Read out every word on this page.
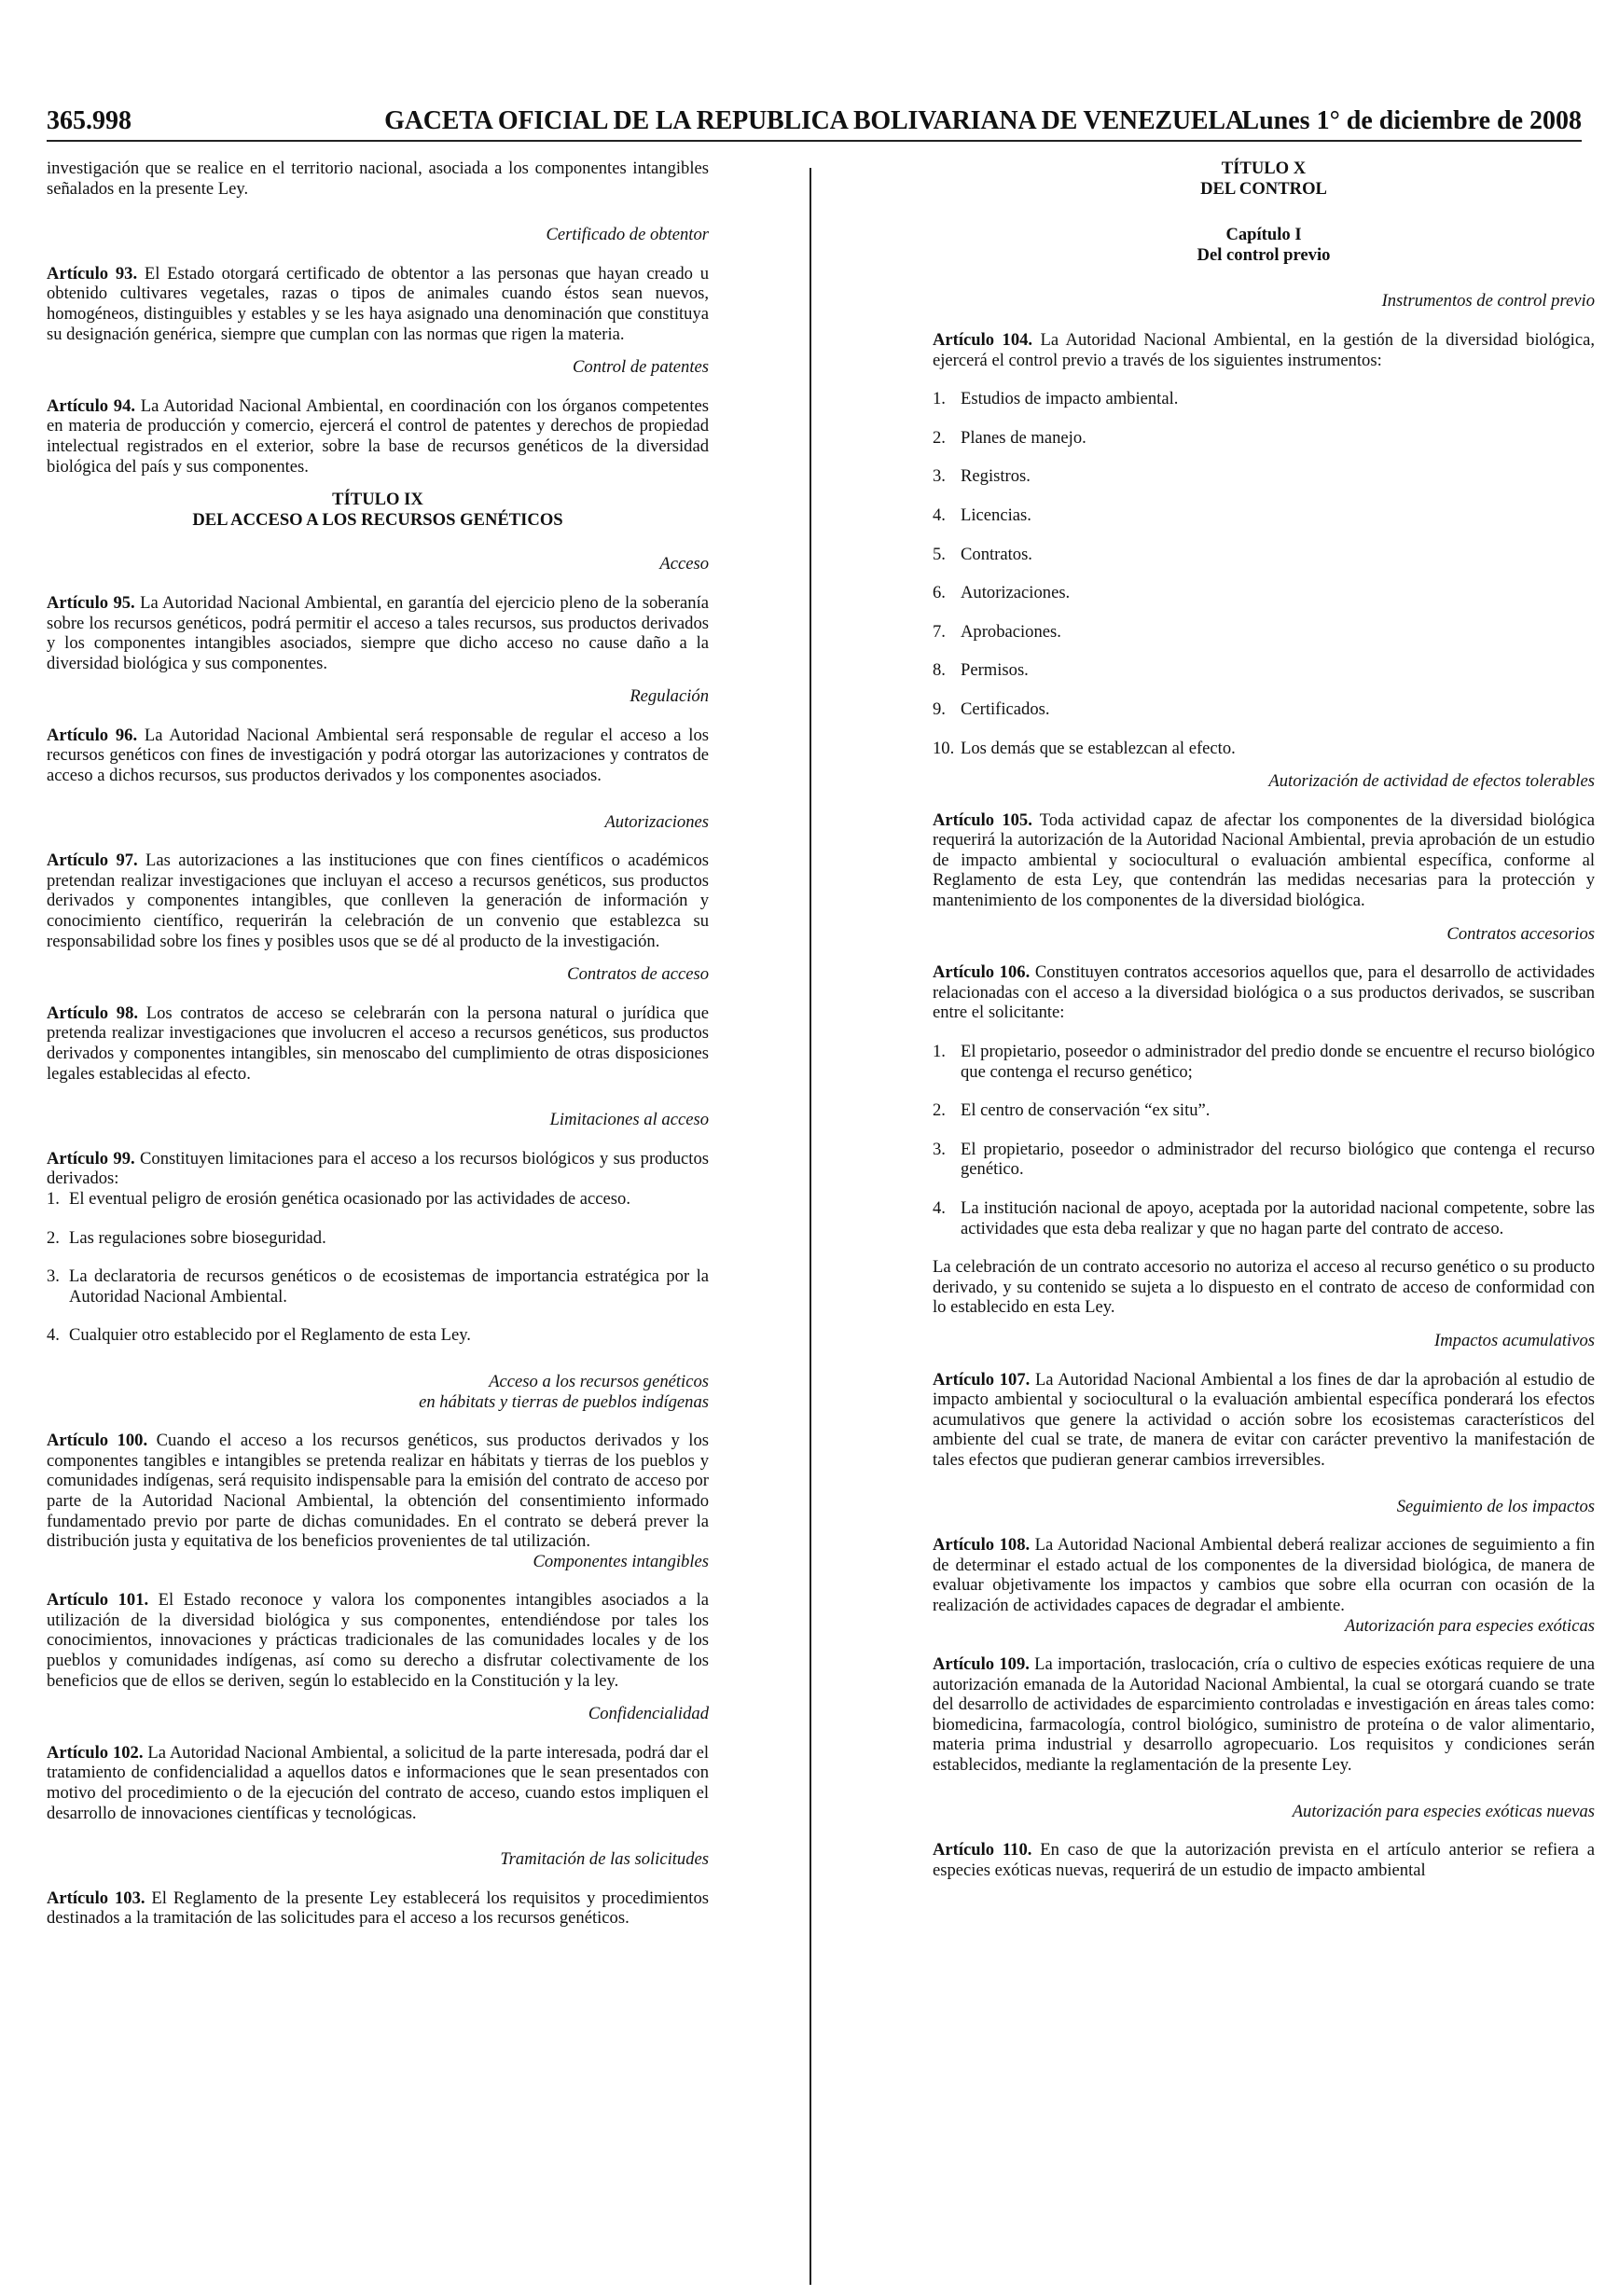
365.998	GACETA OFICIAL DE LA REPUBLICA BOLIVARIANA DE VENEZUELA
Lunes 1° de diciembre de 2008

investigación que se realice en el territorio nacional, asociada a los componentes intangibles señalados en la presente Ley.

Certificado de obtentor

Artículo 93. El Estado otorgará certificado de obtentor a las personas que hayan creado u obtenido cultivares vegetales, razas o tipos de animales cuando éstos sean nuevos, homogéneos, distinguibles y estables y se les haya asignado una denominación que constituya su designación genérica, siempre que cumplan con las normas que rigen la materia.

Control de patentes

Artículo 94. La Autoridad Nacional Ambiental, en coordinación con los órganos competentes en materia de producción y comercio, ejercerá el control de patentes y derechos de propiedad intelectual registrados en el exterior, sobre la base de recursos genéticos de la diversidad biológica del país y sus componentes.

TÍTULO IX

DEL ACCESO A LOS RECURSOS GENÉTICOS

Acceso

Artículo 95. La Autoridad Nacional Ambiental, en garantía del ejercicio pleno de la soberanía sobre los recursos genéticos, podrá permitir el acceso a tales recursos, sus productos derivados y los componentes intangibles asociados, siempre que dicho acceso no cause daño a la diversidad biológica y sus componentes.

Regulación

Artículo 96. La Autoridad Nacional Ambiental será responsable de regular el acceso a los recursos genéticos con fines de investigación y podrá otorgar las autorizaciones y contratos de acceso a dichos recursos, sus productos derivados y los componentes asociados.

Autorizaciones

Artículo 97. Las autorizaciones a las instituciones que con fines científicos o académicos pretendan realizar investigaciones que incluyan el acceso a recursos genéticos, sus productos derivados y componentes intangibles, que conlleven la generación de información y conocimiento científico, requerirán la celebración de un convenio que establezca su responsabilidad sobre los fines y posibles usos que se dé al producto de la investigación.

Contratos de acceso

Artículo 98. Los contratos de acceso se celebrarán con la persona natural o jurídica que pretenda realizar investigaciones que involucren el acceso a recursos genéticos, sus productos derivados y componentes intangibles, sin menoscabo del cumplimiento de otras disposiciones legales establecidas al efecto.

Limitaciones al acceso

Artículo 99. Constituyen limitaciones para el acceso a los recursos biológicos y sus productos derivados:

1. El eventual peligro de erosión genética ocasionado por las actividades de acceso.
2. Las regulaciones sobre bioseguridad.
3. La declaratoria de recursos genéticos o de ecosistemas de importancia estratégica por la Autoridad Nacional Ambiental.
4. Cualquier otro establecido por el Reglamento de esta Ley.

Acceso a los recursos genéticos

en hábitats y tierras de pueblos indígenas

Artículo 100. Cuando el acceso a los recursos genéticos, sus productos derivados y los componentes tangibles e intangibles se pretenda realizar en hábitats y tierras de los pueblos y comunidades indígenas, será requisito indispensable para la emisión del contrato de acceso por parte de la Autoridad Nacional Ambiental, la obtención del consentimiento informado fundamentado previo por parte de dichas comunidades. En el contrato se deberá prever la distribución justa y equitativa de los beneficios provenientes de tal utilización.

Componentes intangibles

Artículo 101. El Estado reconoce y valora los componentes intangibles asociados a la utilización de la diversidad biológica y sus componentes, entendiéndose por tales los conocimientos, innovaciones y prácticas tradicionales de las comunidades locales y de los pueblos y comunidades indígenas, así como su derecho a disfrutar colectivamente de los beneficios que de ellos se deriven, según lo establecido en la Constitución y la ley.

Confidencialidad

Artículo 102. La Autoridad Nacional Ambiental, a solicitud de la parte interesada, podrá dar el tratamiento de confidencialidad a aquellos datos e informaciones que le sean presentados con motivo del procedimiento o de la ejecución del contrato de acceso, cuando estos impliquen el desarrollo de innovaciones científicas y tecnológicas.

Tramitación de las solicitudes

Artículo 103. El Reglamento de la presente Ley establecerá los requisitos y procedimientos destinados a la tramitación de las solicitudes para el acceso a los recursos genéticos.

TÍTULO X

DEL CONTROL

Capítulo I

Del control previo

Instrumentos de control previo

Artículo 104. La Autoridad Nacional Ambiental, en la gestión de la diversidad biológica, ejercerá el control previo a través de los siguientes instrumentos:

1. Estudios de impacto ambiental.
2. Planes de manejo.
3. Registros.
4. Licencias.
5. Contratos.
6. Autorizaciones.
7. Aprobaciones.
8. Permisos.
9. Certificados.
10. Los demás que se establezcan al efecto.

Autorización de actividad de efectos tolerables

Artículo 105. Toda actividad capaz de afectar los componentes de la diversidad biológica requerirá la autorización de la Autoridad Nacional Ambiental, previa aprobación de un estudio de impacto ambiental y sociocultural o evaluación ambiental específica, conforme al Reglamento de esta Ley, que contendrán las medidas necesarias para la protección y mantenimiento de los componentes de la diversidad biológica.

Contratos accesorios

Artículo 106. Constituyen contratos accesorios aquellos que, para el desarrollo de actividades relacionadas con el acceso a la diversidad biológica o a sus productos derivados, se suscriban entre el solicitante:

1. El propietario, poseedor o administrador del predio donde se encuentre el recurso biológico que contenga el recurso genético;
2. El centro de conservación “ex situ”.
3. El propietario, poseedor o administrador del recurso biológico que contenga el recurso genético.
4. La institución nacional de apoyo, aceptada por la autoridad nacional competente, sobre las actividades que esta deba realizar y que no hagan parte del contrato de acceso.

La celebración de un contrato accesorio no autoriza el acceso al recurso genético o su producto derivado, y su contenido se sujeta a lo dispuesto en el contrato de acceso de conformidad con lo establecido en esta Ley.

Impactos acumulativos

Artículo 107. La Autoridad Nacional Ambiental a los fines de dar la aprobación al estudio de impacto ambiental y sociocultural o la evaluación ambiental específica ponderará los efectos acumulativos que genere la actividad o acción sobre los ecosistemas característicos del ambiente del cual se trate, de manera de evitar con carácter preventivo la manifestación de tales efectos que pudieran generar cambios irreversibles.

Seguimiento de los impactos

Artículo 108. La Autoridad Nacional Ambiental deberá realizar acciones de seguimiento a fin de determinar el estado actual de los componentes de la diversidad biológica, de manera de evaluar objetivamente los impactos y cambios que sobre ella ocurran con ocasión de la realización de actividades capaces de degradar el ambiente.

Autorización para especies exóticas

Artículo 109. La importación, traslocación, cría o cultivo de especies exóticas requiere de una autorización emanada de la Autoridad Nacional Ambiental, la cual se otorgará cuando se trate del desarrollo de actividades de esparcimiento controladas e investigación en áreas tales como: biomedicina, farmacología, control biológico, suministro de proteína o de valor alimentario, materia prima industrial y desarrollo agropecuario. Los requisitos y condiciones serán establecidos, mediante la reglamentación de la presente Ley.

Autorización para especies exóticas nuevas

Artículo 110. En caso de que la autorización prevista en el artículo anterior se refiera a especies exóticas nuevas, requerirá de un estudio de impacto ambiental
